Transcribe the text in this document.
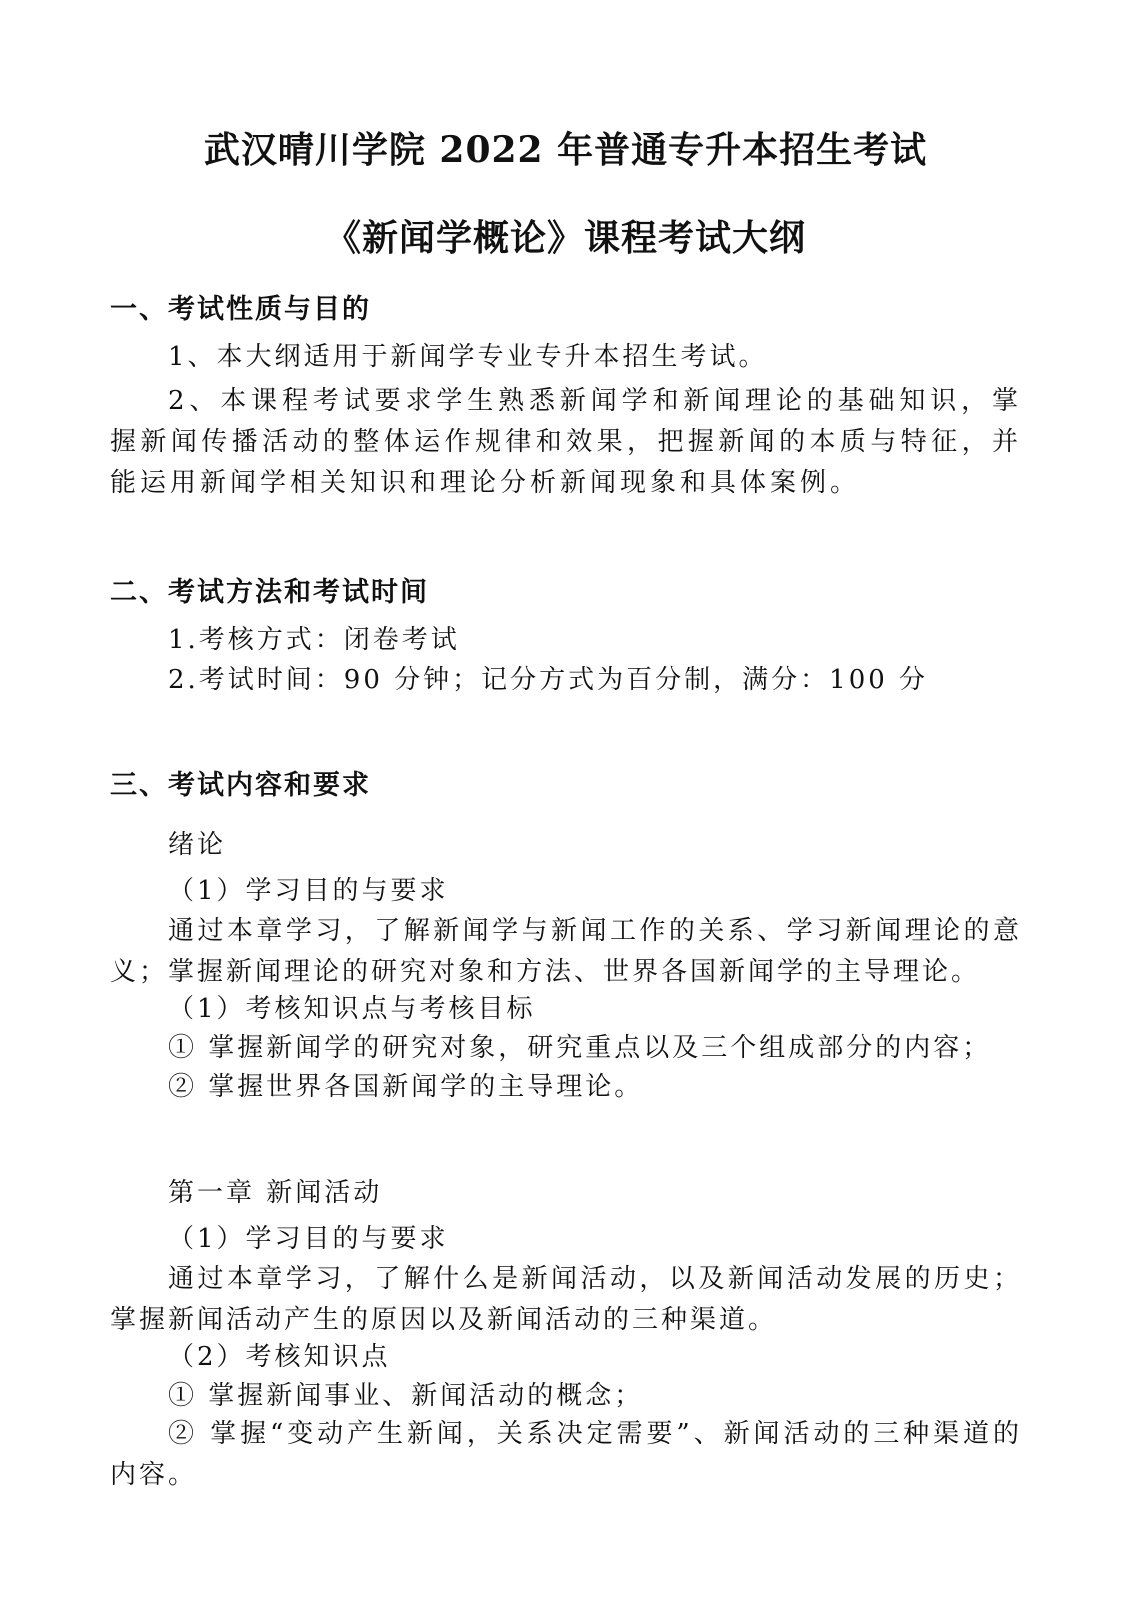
武汉晴川学院 2022 年普通专升本招生考试
《新闻学概论》课程考试大纲
一、考试性质与目的
1、本大纲适用于新闻学专业专升本招生考试。

2、本课程考试要求学生熟悉新闻学和新闻理论的基础知识，掌握新闻传播活动的整体运作规律和效果，把握新闻的本质与特征，并能运用新闻学相关知识和理论分析新闻现象和具体案例。

二、考试方法和考试时间
1.考核方式：闭卷考试
2.考试时间：90 分钟；记分方式为百分制，满分：100 分
三、考试内容和要求
绪论
（1）学习目的与要求

通过本章学习，了解新闻学与新闻工作的关系、学习新闻理论的意义；掌握新闻理论的研究对象和方法、世界各国新闻学的主导理论。

（1）考核知识点与考核目标
① 掌握新闻学的研究对象，研究重点以及三个组成部分的内容；
② 掌握世界各国新闻学的主导理论。
第一章 新闻活动
（1）学习目的与要求

通过本章学习，了解什么是新闻活动，以及新闻活动发展的历史；掌握新闻活动产生的原因以及新闻活动的三种渠道。

（2）考核知识点
① 掌握新闻事业、新闻活动的概念；

② 掌握“变动产生新闻，关系决定需要”、新闻活动的三种渠道的内容。
